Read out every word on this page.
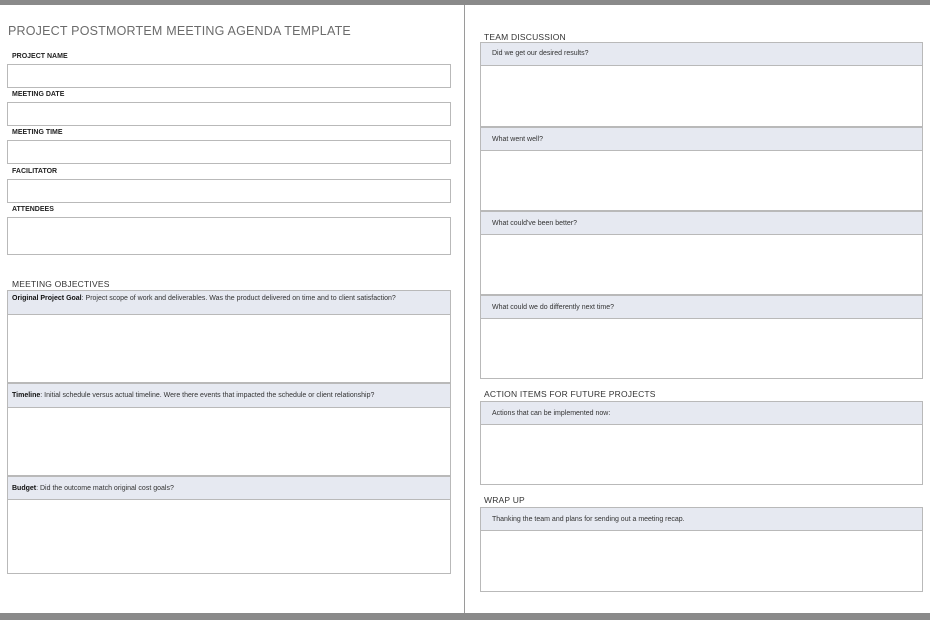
PROJECT POSTMORTEM MEETING AGENDA TEMPLATE
PROJECT NAME
MEETING DATE
MEETING TIME
FACILITATOR
ATTENDEES
MEETING OBJECTIVES
Original Project Goal: Project scope of work and deliverables. Was the product delivered on time and to client satisfaction?
Timeline: Initial schedule versus actual timeline. Were there events that impacted the schedule or client relationship?
Budget: Did the outcome match original cost goals?
TEAM DISCUSSION
Did we get our desired results?
What went well?
What could've been better?
What could we do differently next time?
ACTION ITEMS FOR FUTURE PROJECTS
Actions that can be implemented now:
WRAP UP
Thanking the team and plans for sending out a meeting recap.
